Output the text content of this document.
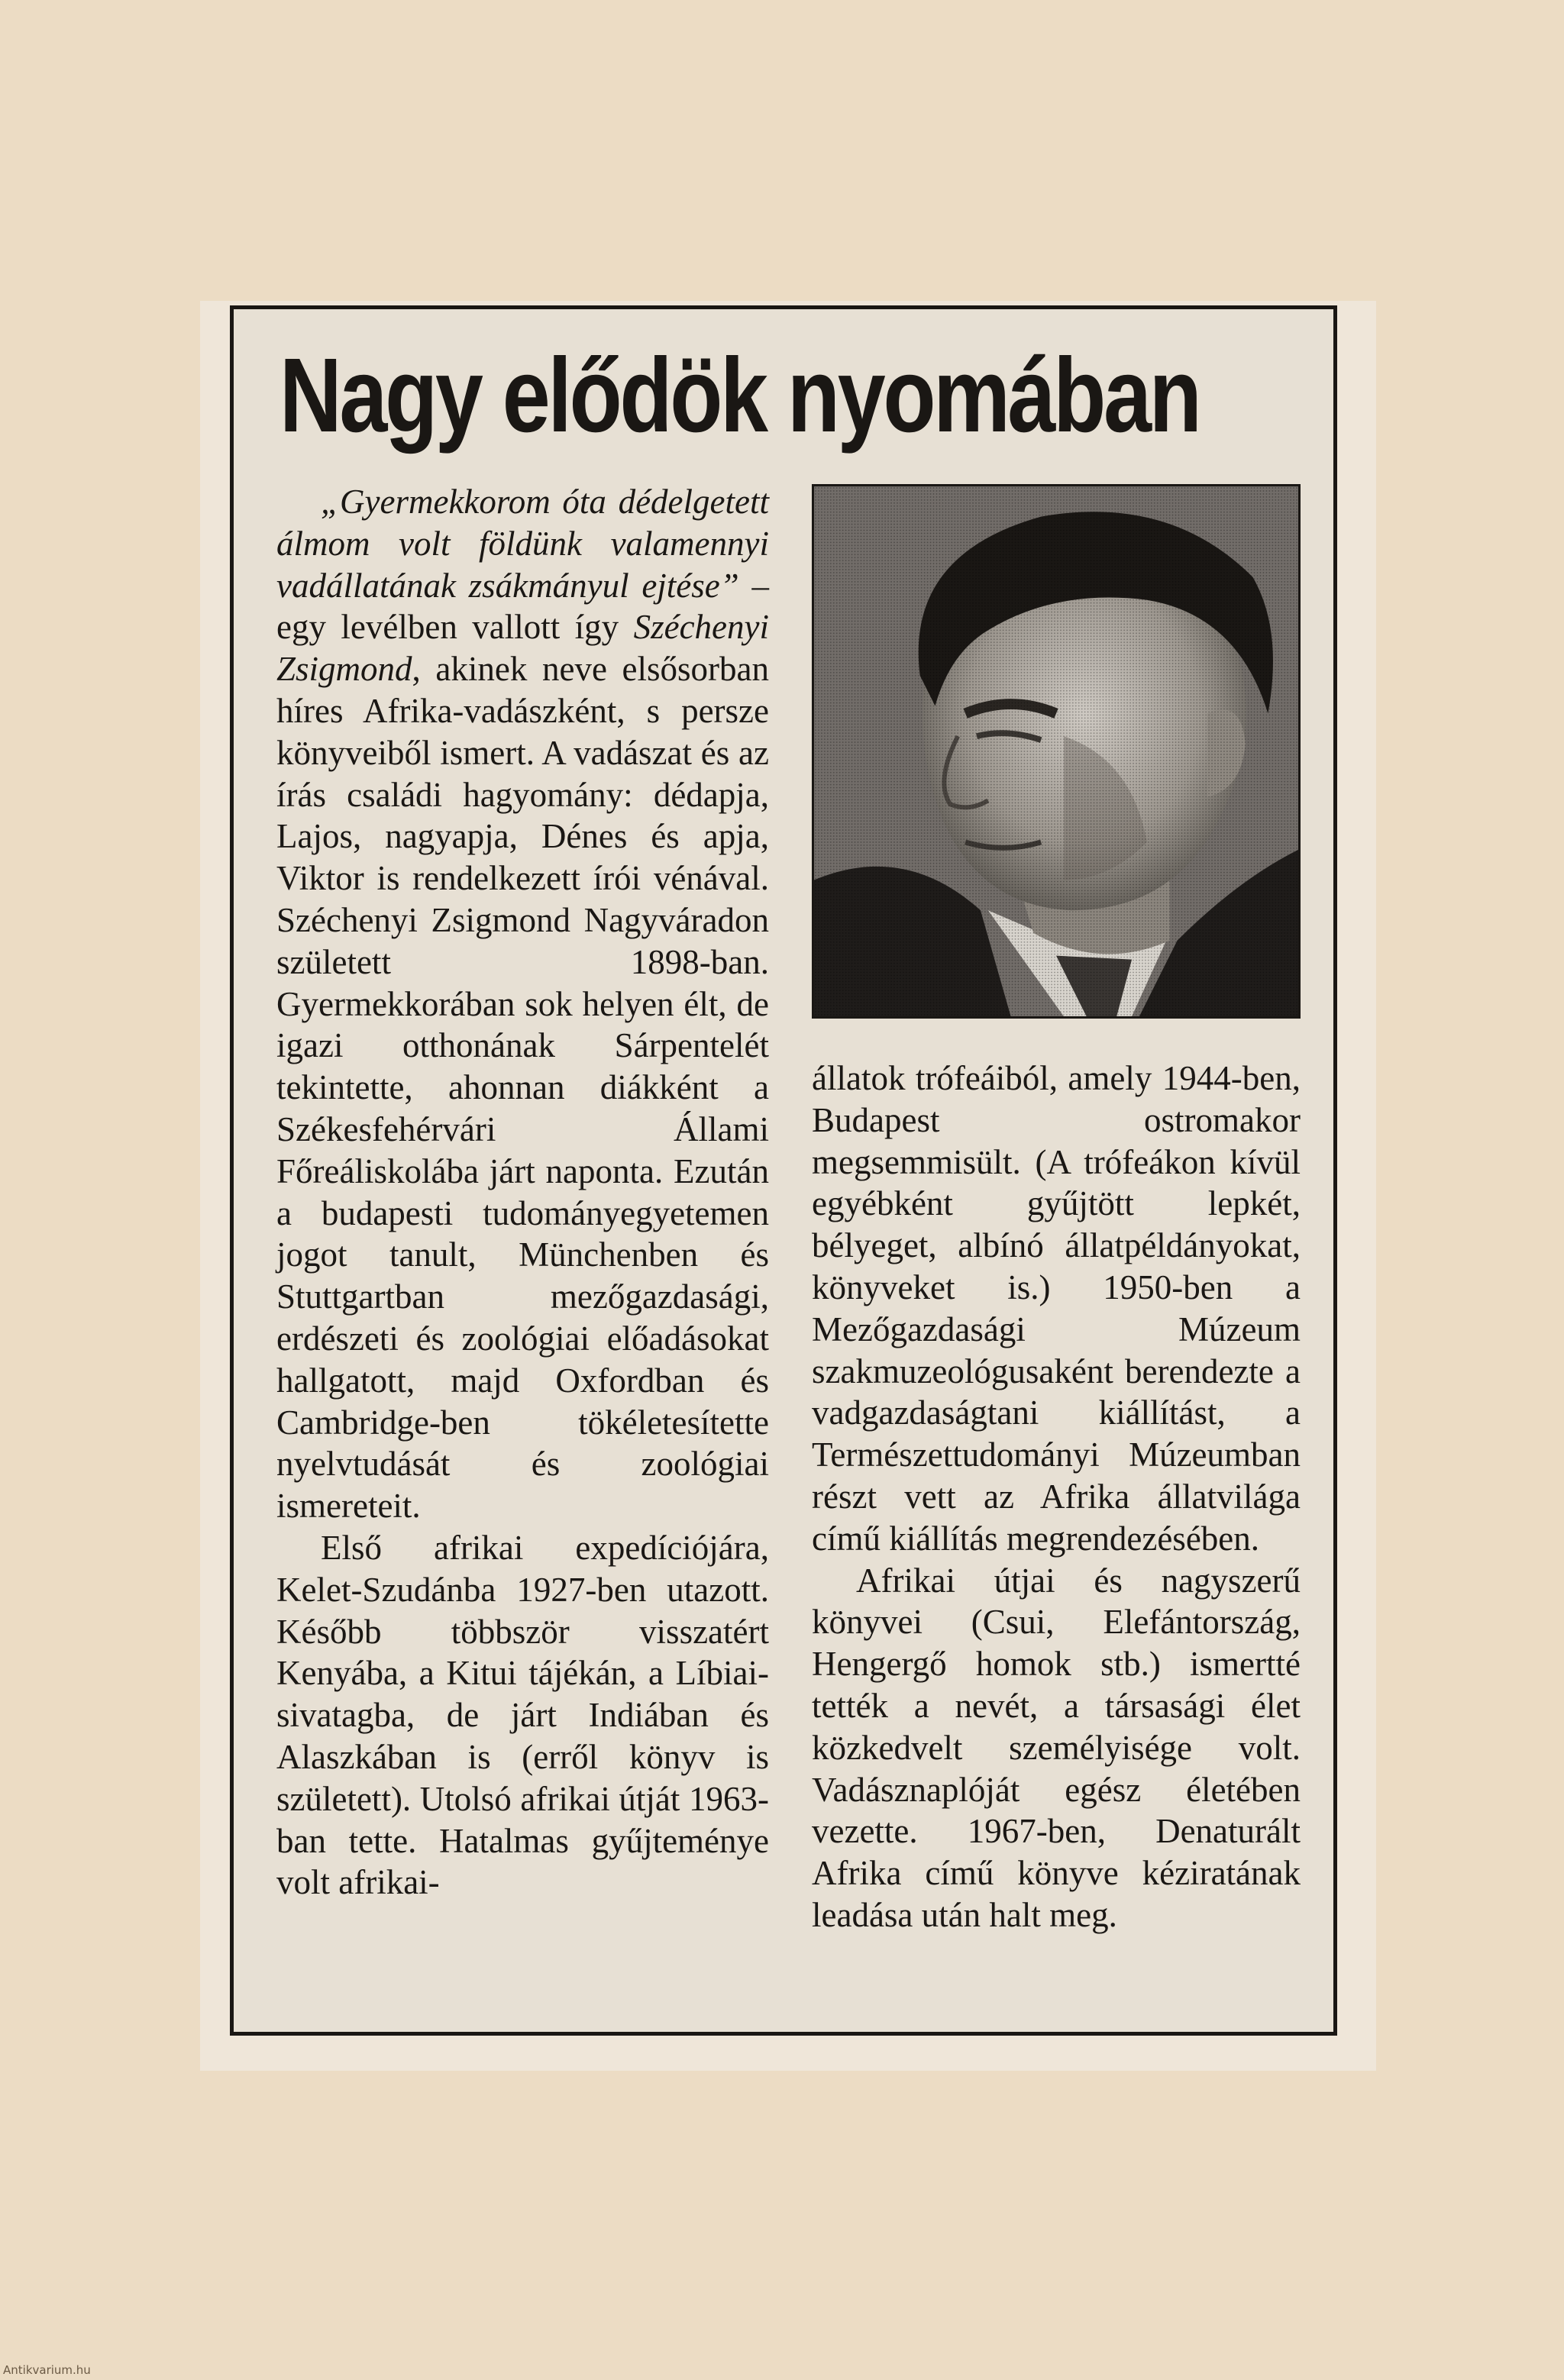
Nagy elődök nyomában

„Gyermekkorom óta dédelgetett álmom volt földünk valamennyi vadállatának zsákmányul ejtése” – egy levélben vallott így Széchenyi Zsigmond, akinek neve elsősorban híres Afrika-vadászként, s persze könyveiből ismert. A vadászat és az írás családi hagyomány: dédapja, Lajos, nagyapja, Dénes és apja, Viktor is rendelkezett írói vénával. Széchenyi Zsigmond Nagyváradon született 1898-ban. Gyermekkorában sok helyen élt, de igazi otthonának Sárpentelét tekintette, ahonnan diákként a Székesfehérvári Állami Főreáliskolába járt naponta. Ezután a budapesti tudományegyetemen jogot tanult, Münchenben és Stuttgartban mezőgazdasági, erdészeti és zoológiai előadásokat hallgatott, majd Oxfordban és Cambridge-ben tökéletesítette nyelvtudását és zoológiai ismereteit.

Első afrikai expedíciójára, Kelet-Szudánba 1927-ben utazott. Később többször visszatért Kenyába, a Kitui tájékán, a Líbiai-sivatagba, de járt Indiában és Alaszkában is (erről könyv is született). Utolsó afrikai útját 1963-ban tette. Hatalmas gyűjteménye volt afrikai-

állatok trófeáiból, amely 1944-ben, Budapest ostromakor megsemmisült. (A trófeákon kívül egyébként gyűjtött lepkét, bélyeget, albínó állatpéldányokat, könyveket is.) 1950-ben a Mezőgazdasági Múzeum szakmuzeológusaként berendezte a vadgazdaságtani kiállítást, a Természettudományi Múzeumban részt vett az Afrika állatvilága című kiállítás megrendezésében.

Afrikai útjai és nagyszerű könyvei (Csui, Elefántország, Hengergő homok stb.) ismertté tették a nevét, a társasági élet közkedvelt személyisége volt. Vadásznaplóját egész életében vezette. 1967-ben, Denaturált Afrika című könyve kéziratának leadása után halt meg.

Antikvarium.hu
